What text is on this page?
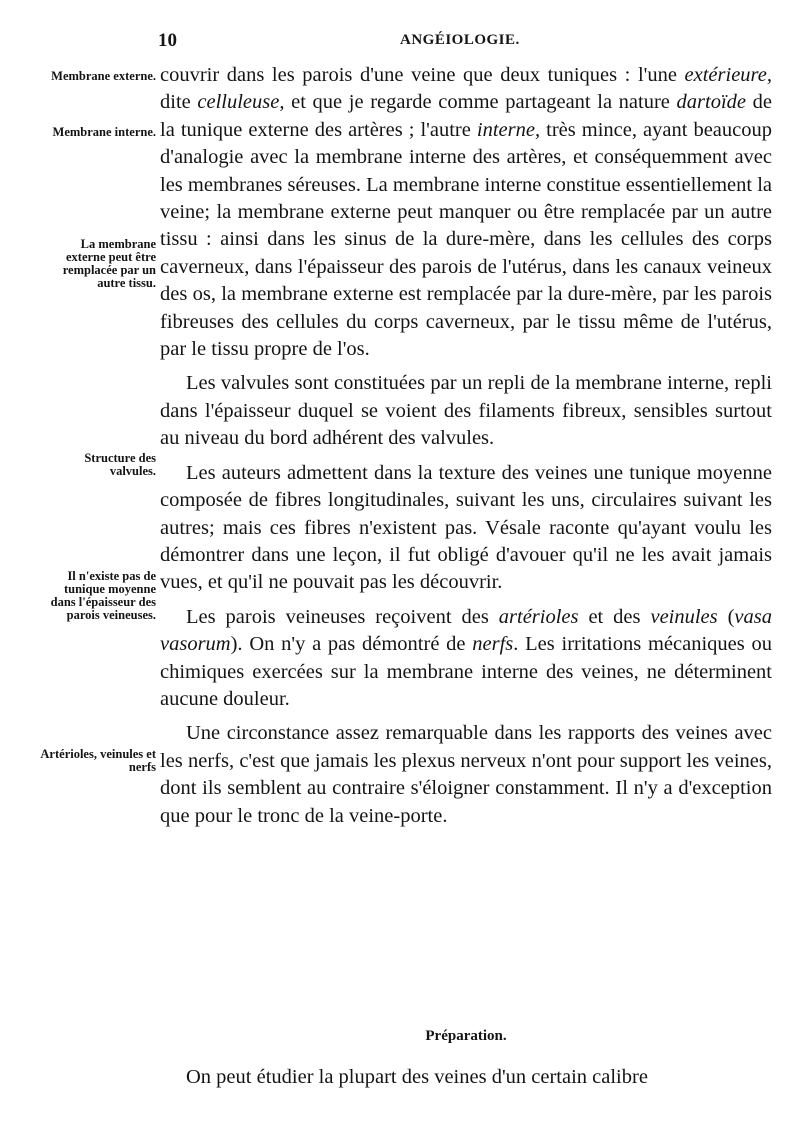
10	ANGÉIOLOGIE.
Membrane externe.
Membrane interne.
La membrane externe peut être remplacée par un autre tissu.
Structure des valvules.
Il n'existe pas de tunique moyenne dans l'épaisseur des parois veineuses.
Artérioles, veinules et nerfs

couvrir dans les parois d'une veine que deux tuniques : l'une extérieure, dite celluleuse, et que je regarde comme partageant la nature dartoïde de la tunique externe des artères ; l'autre interne, très mince, ayant beaucoup d'analogie avec la membrane interne des artères, et conséquemment avec les membranes séreuses. La membrane interne constitue essentiellement la veine; la membrane externe peut manquer ou être remplacée par un autre tissu : ainsi dans les sinus de la dure-mère, dans les cellules des corps caverneux, dans l'épaisseur des parois de l'utérus, dans les canaux veineux des os, la membrane externe est remplacée par la dure-mère, par les parois fibreuses des cellules du corps caverneux, par le tissu même de l'utérus, par le tissu propre de l'os.

Les valvules sont constituées par un repli de la membrane interne, repli dans l'épaisseur duquel se voient des filaments fibreux, sensibles surtout au niveau du bord adhérent des valvules.

Les auteurs admettent dans la texture des veines une tunique moyenne composée de fibres longitudinales, suivant les uns, circulaires suivant les autres; mais ces fibres n'existent pas. Vésale raconte qu'ayant voulu les démontrer dans une leçon, il fut obligé d'avouer qu'il ne les avait jamais vues, et qu'il ne pouvait pas les découvrir.

Les parois veineuses reçoivent des artérioles et des veinules (vasa vasorum). On n'y a pas démontré de nerfs. Les irritations mécaniques ou chimiques exercées sur la membrane interne des veines, ne déterminent aucune douleur.

Une circonstance assez remarquable dans les rapports des veines avec les nerfs, c'est que jamais les plexus nerveux n'ont pour support les veines, dont ils semblent au contraire s'éloigner constamment. Il n'y a d'exception que pour le tronc de la veine-porte.

Préparation.
On peut étudier la plupart des veines d'un certain calibre
